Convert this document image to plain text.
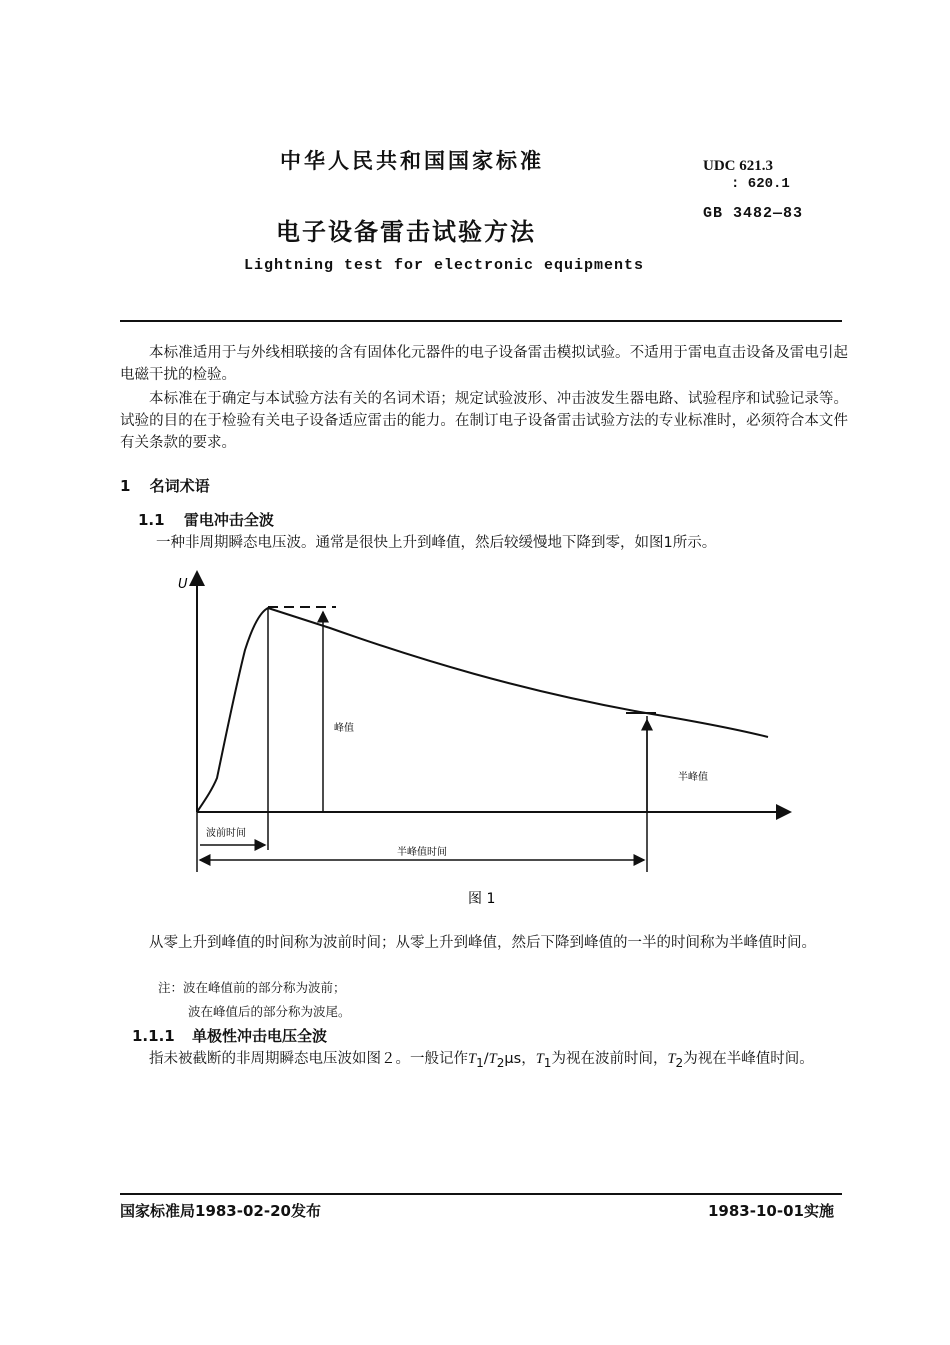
中华人民共和国国家标准	UDC 621.3
: 620.1
GB 3482—83
电子设备雷击试验方法
Lightning test for electronic equipments
本标准适用于与外线相联接的含有固体化元器件的电子设备雷击模拟试验。不适用于雷电直击设备及雷电引起电磁干扰的检验。
本标准在于确定与本试验方法有关的名词术语；规定试验波形、冲击波发生器电路、试验程序和试验记录等。试验的目的在于检验有关电子设备适应雷击的能力。在制订电子设备雷击试验方法的专业标准时，必须符合本文件有关条款的要求。
1 名词术语
1.1 雷电冲击全波
一种非周期瞬态电压波。通常是很快上升到峰值，然后较缓慢地下降到零，如图1所示。
U
峰值
半峰值
波前时间
半峰值时间
图 1
从零上升到峰值的时间称为波前时间；从零上升到峰值，然后下降到峰值的一半的时间称为半峰值时间。
注：波在峰值前的部分称为波前；
波在峰值后的部分称为波尾。
1.1.1 单极性冲击电压全波
指未被截断的非周期瞬态电压波如图２。一般记作$T_1/T_2\mu s$，$T_1$为视在波前时间，$T_2$为视在半峰值时间。
国家标准局1983-02-20发布	1983-10-01实施
